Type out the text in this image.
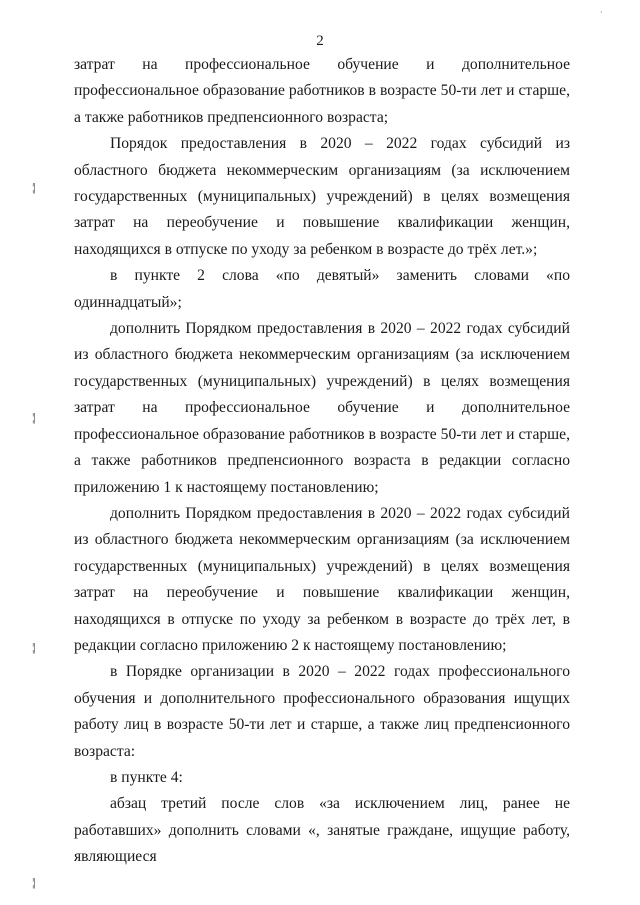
2

затрат на профессиональное обучение и дополнительное профессиональное образование работников в возрасте 50-ти лет и старше, а также работников предпенсионного возраста;

Порядок предоставления в 2020 – 2022 годах субсидий из областного бюджета некоммерческим организациям (за исключением государственных (муниципальных) учреждений) в целях возмещения затрат на переобучение и повышение квалификации женщин, находящихся в отпуске по уходу за ребенком в возрасте до трёх лет.»;

в пункте 2 слова «по девятый» заменить словами «по одиннадцатый»;

дополнить Порядком предоставления в 2020 – 2022 годах субсидий из областного бюджета некоммерческим организациям (за исключением государственных (муниципальных) учреждений) в целях возмещения затрат на профессиональное обучение и дополнительное профессиональное образование работников в возрасте 50-ти лет и старше, а также работников предпенсионного возраста в редакции согласно приложению 1 к настоящему постановлению;

дополнить Порядком предоставления в 2020 – 2022 годах субсидий из областного бюджета некоммерческим организациям (за исключением государственных (муниципальных) учреждений) в целях возмещения затрат на переобучение и повышение квалификации женщин, находящихся в отпуске по уходу за ребенком в возрасте до трёх лет, в редакции согласно приложению 2 к настоящему постановлению;

в Порядке организации в 2020 – 2022 годах профессионального обучения и дополнительного профессионального образования ищущих работу лиц в возрасте 50-ти лет и старше, а также лиц предпенсионного возраста:

в пункте 4:

абзац третий после слов «за исключением лиц, ранее не работавших» дополнить словами «, занятые граждане, ищущие работу, являющиеся

¦|
¦|
¦|
¦|
·
